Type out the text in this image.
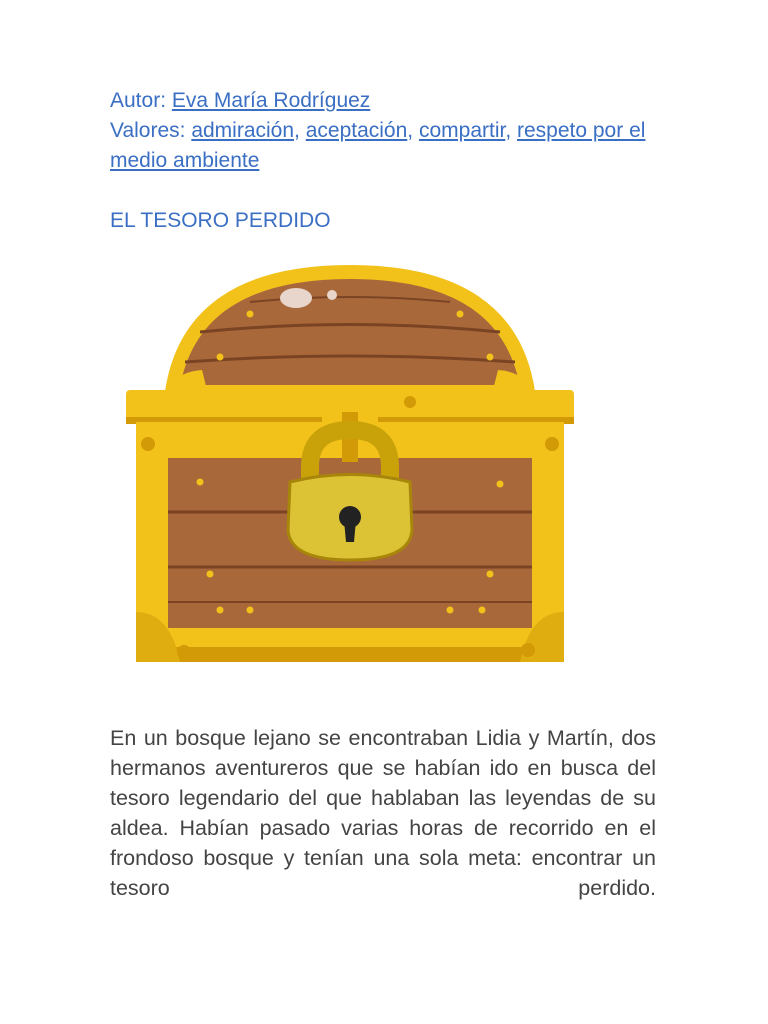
Autor: Eva María Rodríguez
Valores: admiración, aceptación, compartir, respeto por el medio ambiente
EL TESORO PERDIDO
En un bosque lejano se encontraban Lidia y Martín, dos hermanos aventureros que se habían ido en busca del tesoro legendario del que hablaban las leyendas de su aldea. Habían pasado varias horas de recorrido en el frondoso bosque y tenían una sola meta: encontrar un tesoro perdido.
